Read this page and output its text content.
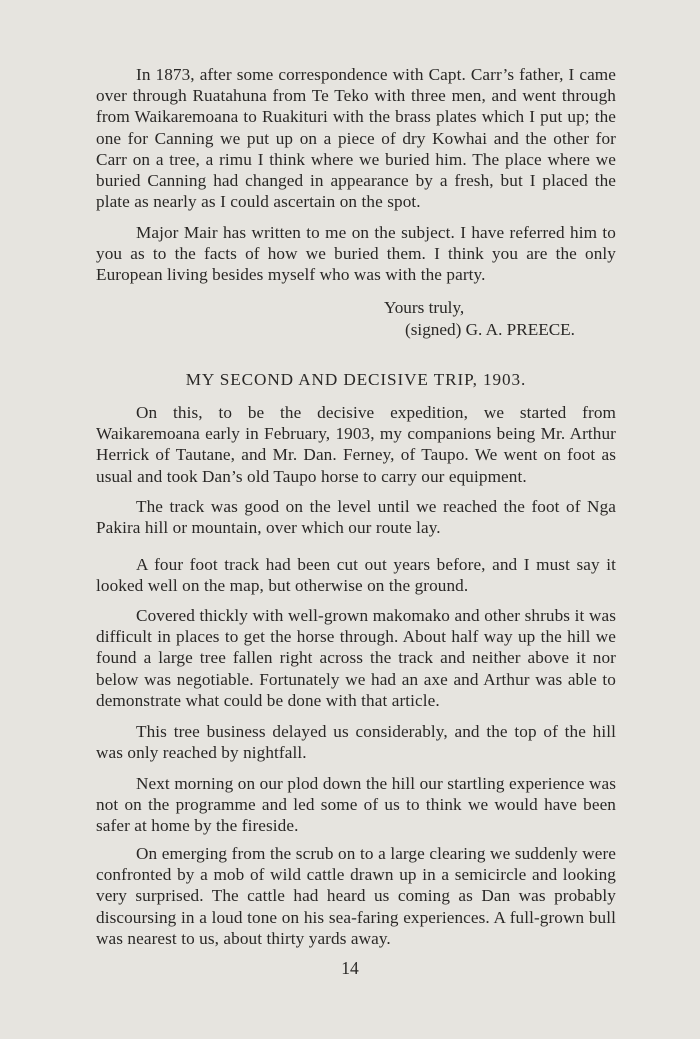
In 1873, after some correspondence with Capt. Carr’s father, I came over through Ruatahuna from Te Teko with three men, and went through from Waikaremoana to Ruakituri with the brass plates which I put up; the one for Canning we put up on a piece of dry Kowhai and the other for Carr on a tree, a rimu I think where we buried him. The place where we buried Canning had changed in appearance by a fresh, but I placed the plate as nearly as I could ascertain on the spot.

Major Mair has written to me on the subject. I have referred him to you as to the facts of how we buried them. I think you are the only European living besides myself who was with the party.

Yours truly,
(signed) G. A. PREECE.
MY SECOND AND DECISIVE TRIP, 1903.

On this, to be the decisive expedition, we started from Waikaremoana early in February, 1903, my companions being Mr. Arthur Herrick of Tautane, and Mr. Dan. Ferney, of Taupo. We went on foot as usual and took Dan’s old Taupo horse to carry our equipment.

The track was good on the level until we reached the foot of Nga Pakira hill or mountain, over which our route lay.

A four foot track had been cut out years before, and I must say it looked well on the map, but otherwise on the ground.

Covered thickly with well-grown makomako and other shrubs it was difficult in places to get the horse through. About half way up the hill we found a large tree fallen right across the track and neither above it nor below was negotiable. Fortunately we had an axe and Arthur was able to demonstrate what could be done with that article.

This tree business delayed us considerably, and the top of the hill was only reached by nightfall.

Next morning on our plod down the hill our startling experience was not on the programme and led some of us to think we would have been safer at home by the fireside.

On emerging from the scrub on to a large clearing we suddenly were confronted by a mob of wild cattle drawn up in a semicircle and looking very surprised. The cattle had heard us coming as Dan was probably discoursing in a loud tone on his sea-faring experiences. A full-grown bull was nearest to us, about thirty yards away.

14
